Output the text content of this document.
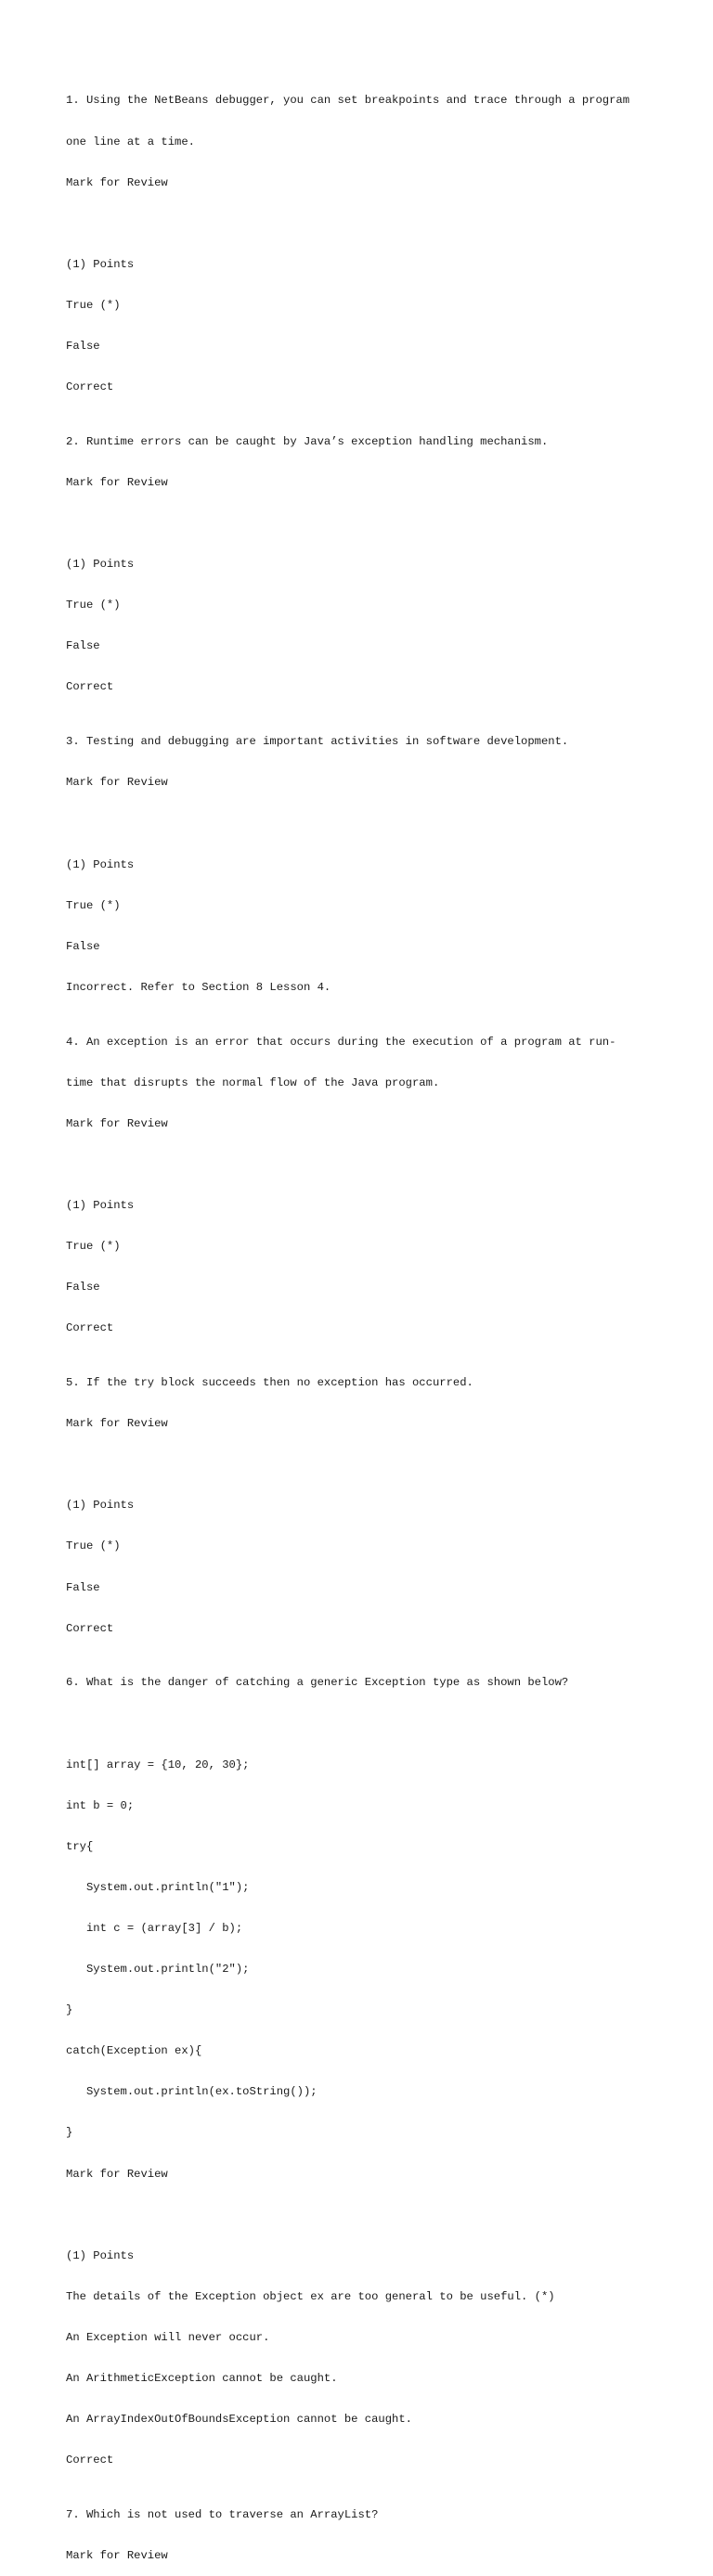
1. Using the NetBeans debugger, you can set breakpoints and trace through a program

one line at a time.

Mark for Review

(1) Points

True (*)

False

Correct

2. Runtime errors can be caught by Java’s exception handling mechanism.

Mark for Review

(1) Points

True (*)

False

Correct

3. Testing and debugging are important activities in software development.

Mark for Review

(1) Points

True (*)

False

Incorrect. Refer to Section 8 Lesson 4.

4. An exception is an error that occurs during the execution of a program at run-

time that disrupts the normal flow of the Java program.

Mark for Review

(1) Points

True (*)

False

Correct

5. If the try block succeeds then no exception has occurred.

Mark for Review

(1) Points

True (*)

False

Correct

6. What is the danger of catching a generic Exception type as shown below?

int[] array = {10, 20, 30};

int b = 0;

try{

System.out.println("1");

int c = (array[3] / b);

System.out.println("2");

}

catch(Exception ex){

System.out.println(ex.toString());

}

Mark for Review

(1) Points

The details of the Exception object ex are too general to be useful. (*)

An Exception will never occur.

An ArithmeticException cannot be caught.

An ArrayIndexOutOfBoundsException cannot be caught.

Correct

7. Which is not used to traverse an ArrayList?

Mark for Review
